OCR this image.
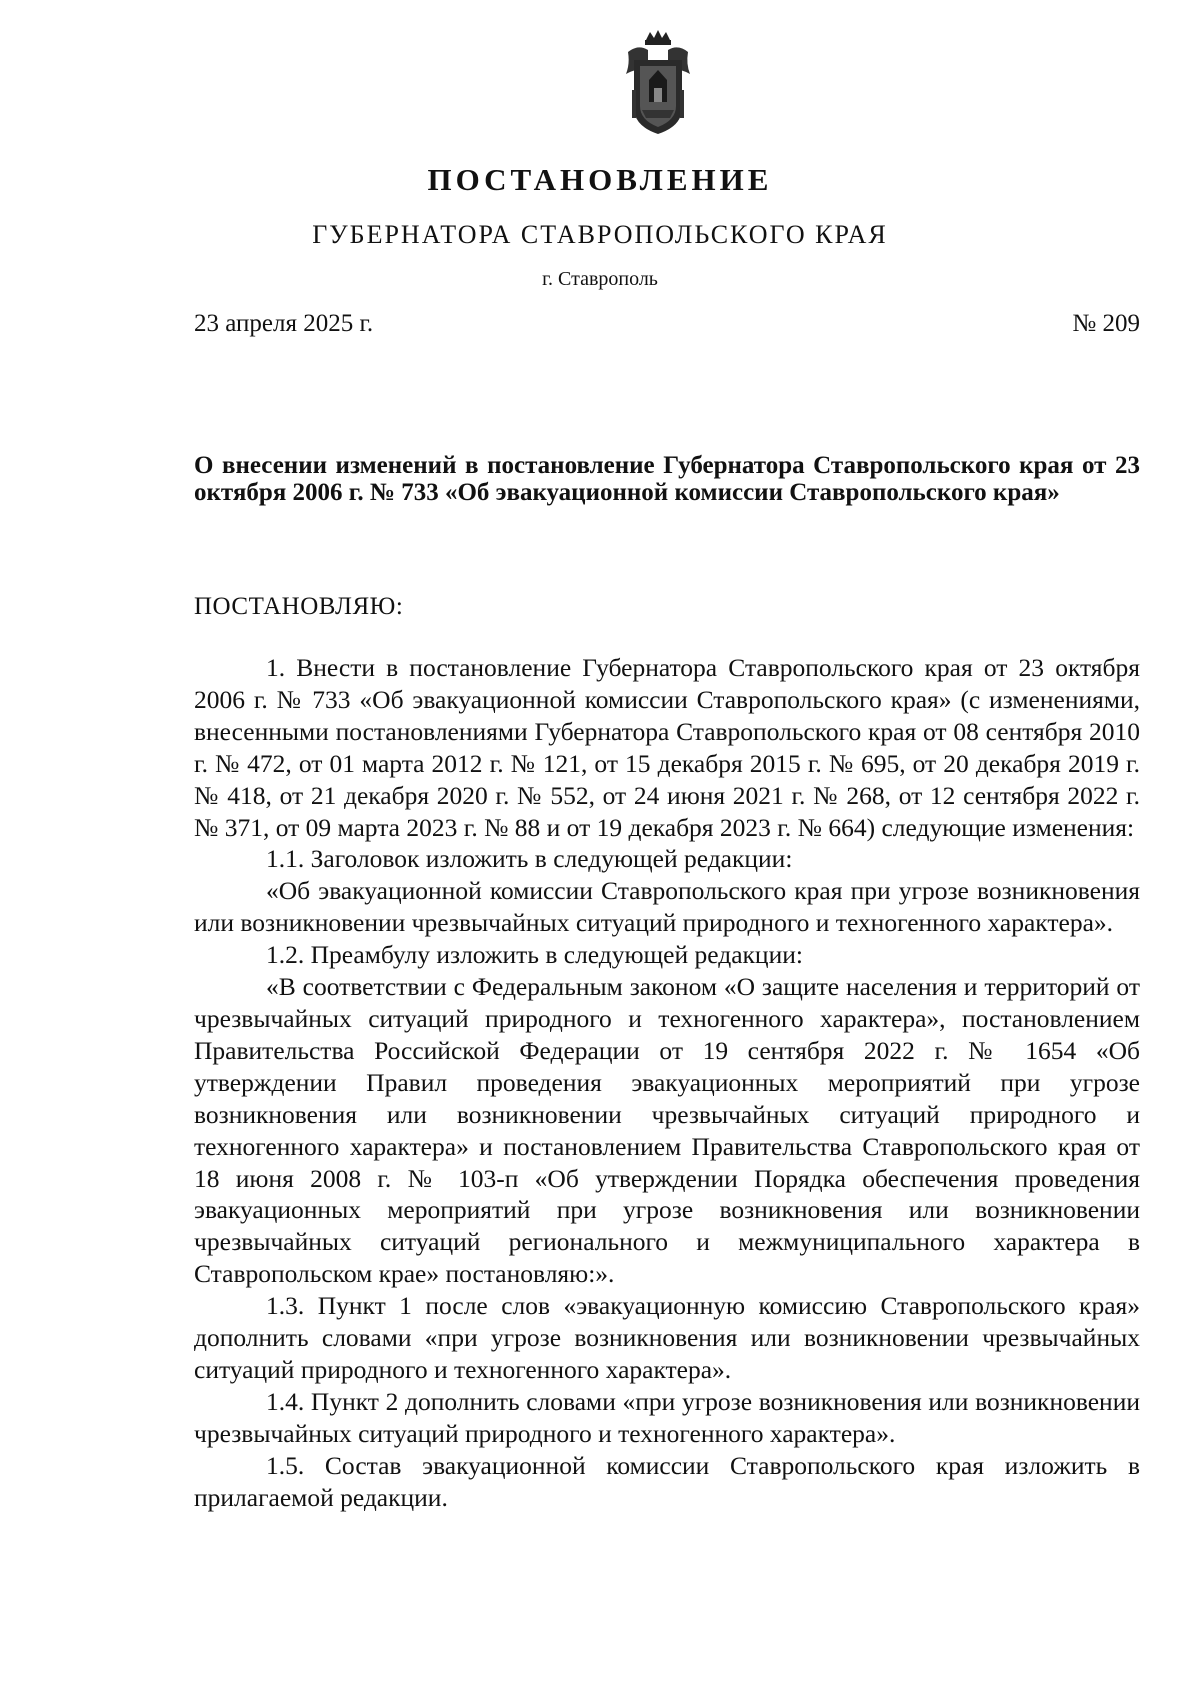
ПОСТАНОВЛЕНИЕ
ГУБЕРНАТОРА СТАВРОПОЛЬСКОГО КРАЯ
г. Ставрополь
23 апреля 2025 г.	№ 209
О внесении изменений в постановление Губернатора Ставропольского края от 23 октября 2006 г. № 733 «Об эвакуационной комиссии Ставропольского края»
ПОСТАНОВЛЯЮ:

1. Внести в постановление Губернатора Ставропольского края от 23 октября 2006 г. № 733 «Об эвакуационной комиссии Ставропольского края» (с изменениями, внесенными постановлениями Губернатора Ставропольского края от 08 сентября 2010 г. № 472, от 01 марта 2012 г. № 121, от 15 декабря 2015 г. № 695, от 20 декабря 2019 г. № 418, от 21 декабря 2020 г. № 552, от 24 июня 2021 г. № 268, от 12 сентября 2022 г. № 371, от 09 марта 2023 г. № 88 и от 19 декабря 2023 г. № 664) следующие изменения:

1.1. Заголовок изложить в следующей редакции:

«Об эвакуационной комиссии Ставропольского края при угрозе возникновения или возникновении чрезвычайных ситуаций природного и техногенного характера».

1.2. Преамбулу изложить в следующей редакции:

«В соответствии с Федеральным законом «О защите населения и территорий от чрезвычайных ситуаций природного и техногенного характера», постановлением Правительства Российской Федерации от 19 сентября 2022 г. № 1654 «Об утверждении Правил проведения эвакуационных мероприятий при угрозе возникновения или возникновении чрезвычайных ситуаций природного и техногенного характера» и постановлением Правительства Ставропольского края от 18 июня 2008 г. № 103-п «Об утверждении Порядка обеспечения проведения эвакуационных мероприятий при угрозе возникновения или возникновении чрезвычайных ситуаций регионального и межмуниципального характера в Ставропольском крае» постановляю:».

1.3. Пункт 1 после слов «эвакуационную комиссию Ставропольского края» дополнить словами «при угрозе возникновения или возникновении чрезвычайных ситуаций природного и техногенного характера».

1.4. Пункт 2 дополнить словами «при угрозе возникновения или возникновении чрезвычайных ситуаций природного и техногенного характера».

1.5. Состав эвакуационной комиссии Ставропольского края изложить в прилагаемой редакции.
